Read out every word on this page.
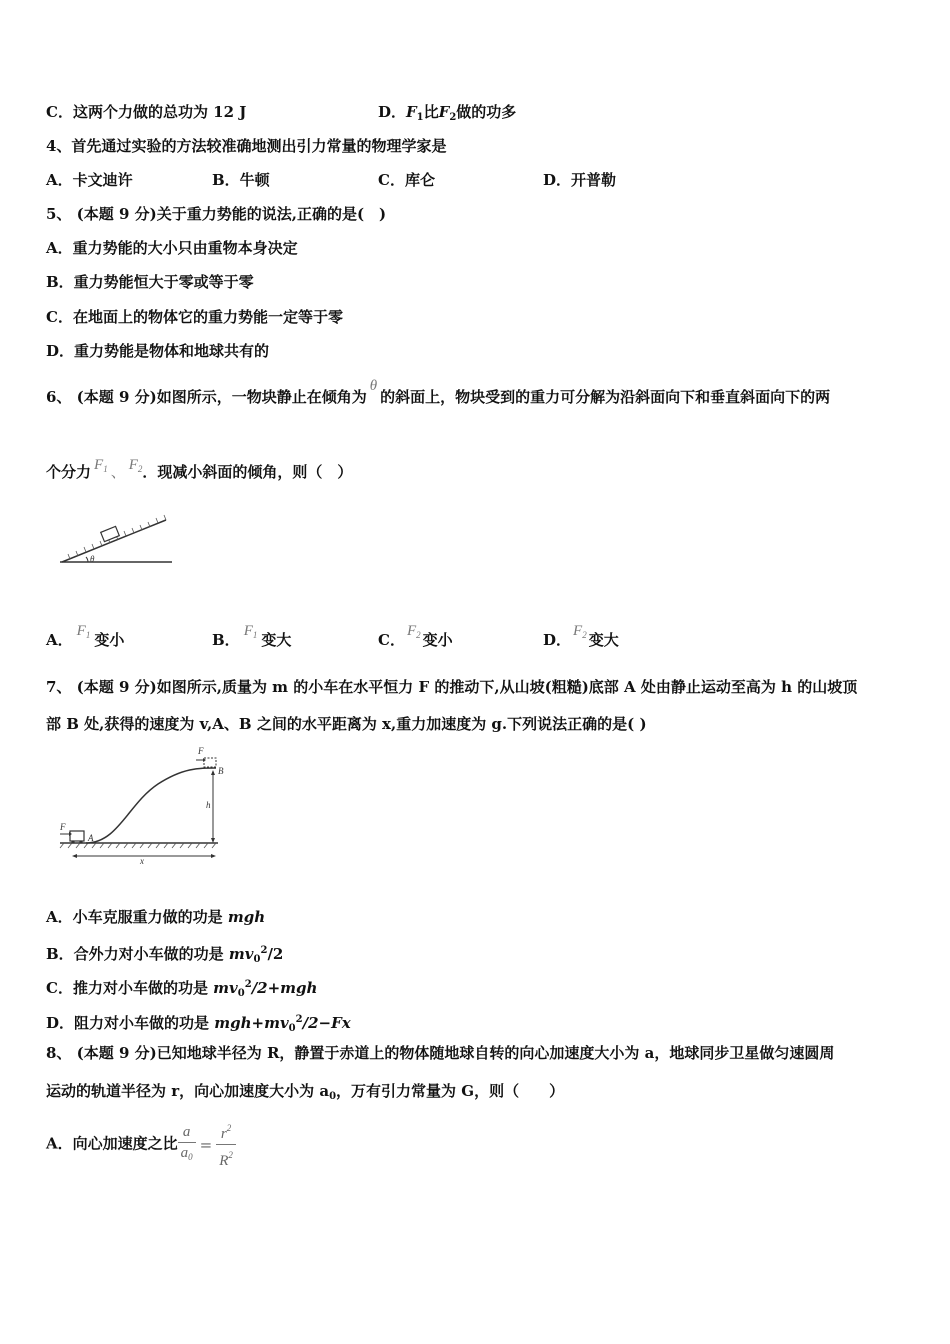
C．这两个力做的总功为 12 J	D．$F_1$比$F_2$做的功多
4、首先通过实验的方法较准确地测出引力常量的物理学家是
A．卡文迪许	B．牛顿	C．库仑	D．开普勒
5、 (本题 9 分)关于重力势能的说法,正确的是(　)
A．重力势能的大小只由重物本身决定
B．重力势能恒大于零或等于零
C．在地面上的物体它的重力势能一定等于零
D．重力势能是物体和地球共有的
6、 (本题 9 分)如图所示，一物块静止在倾角为θ的斜面上，物块受到的重力可分解为沿斜面向下和垂直斜面向下的两
个分力 $F_1$ 、 $F_2$．现减小斜面的倾角，则（　）
θ
A． $F_1$ 变小	B． $F_1$ 变大	C． $F_2$ 变小	D． $F_2$ 变大
7、 (本题 9 分)如图所示,质量为 m 的小车在水平恒力 F 的推动下,从山坡(粗糙)底部 A 处由静止运动至高为 h 的山坡顶
部 B 处,获得的速度为 v,A、B 之间的水平距离为 x,重力加速度为 g.下列说法正确的是( )
F
A
F
B
h
x
A．小车克服重力做的功是 mgh
B．合外力对小车做的功是 $mv_0^2/2$
C．推力对小车做的功是 $mv_0^2/2+mgh$
D．阻力对小车做的功是 $mgh+mv_0^2/2-Fx$
8、 (本题 9 分)已知地球半径为 R，静置于赤道上的物体随地球自转的向心加速度大小为 a，地球同步卫星做匀速圆周
运动的轨道半径为 r，向心加速度大小为 $a_0$，万有引力常量为 G，则（　　）
A．向心加速度之比 $\frac{a}{a_0} = \frac{r^2}{R^2}$
